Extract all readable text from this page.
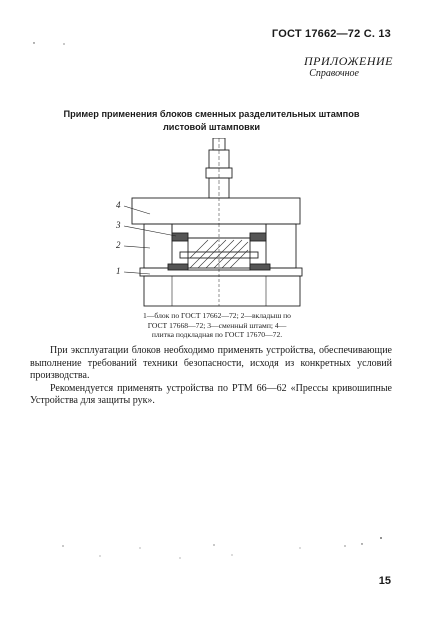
ГОСТ 17662—72 С. 13
ПРИЛОЖЕНИЕ
Справочное
Пример применения блоков сменных разделительных штампов
листовой штамповки
4
3
2
1
1—блок по ГОСТ 17662—72; 2—вкладыш по
ГОСТ 17668—72; 3—сменный штамп; 4—
плитка подкладная по ГОСТ 17670—72.

При эксплуатации блоков необходимо применять устройства, обеспечивающие выполнение требований техники безопасности, исходя из конкретных условий производства.

Рекомендуется применять устройства по РТМ 66—62 «Прессы кривошипные Устройства для защиты рук».

15
